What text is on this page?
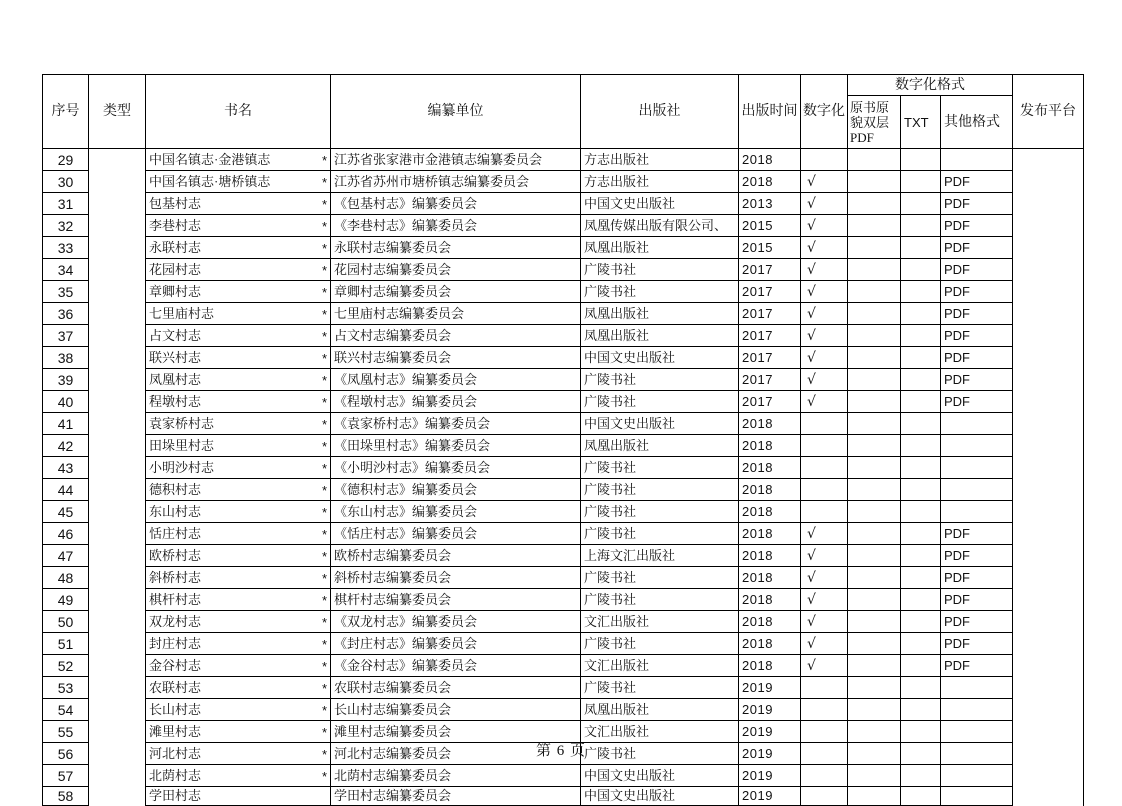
序号	类型	书名	编纂单位	出版社	出版时间	数字化	数字化格式			发布平台
							原书原貌双层PDF	TXT	其他格式	
29		中国名镇志·金港镇志 *	江苏省张家港市金港镇志编纂委员会	方志出版社	2018					
30		中国名镇志·塘桥镇志 *	江苏省苏州市塘桥镇志编纂委员会	方志出版社	2018	√			PDF	
31		包基村志 *	《包基村志》编纂委员会	中国文史出版社	2013	√			PDF	
32		李巷村志 *	《李巷村志》编纂委员会	凤凰传媒出版有限公司、	2015	√			PDF	
33		永联村志 *	永联村志编纂委员会	凤凰出版社	2015	√			PDF	
34		花园村志 *	花园村志编纂委员会	广陵书社	2017	√			PDF	
35		章卿村志 *	章卿村志编纂委员会	广陵书社	2017	√			PDF	
36		七里庙村志 *	七里庙村志编纂委员会	凤凰出版社	2017	√			PDF	
37		占文村志 *	占文村志编纂委员会	凤凰出版社	2017	√			PDF	
38		联兴村志 *	联兴村志编纂委员会	中国文史出版社	2017	√			PDF	
39		凤凰村志 *	《凤凰村志》编纂委员会	广陵书社	2017	√			PDF	
40		程墩村志 *	《程墩村志》编纂委员会	广陵书社	2017	√			PDF	
41		袁家桥村志 *	《袁家桥村志》编纂委员会	中国文史出版社	2018					
42		田垛里村志 *	《田垛里村志》编纂委员会	凤凰出版社	2018					
43		小明沙村志 *	《小明沙村志》编纂委员会	广陵书社	2018					
44		德积村志 *	《德积村志》编纂委员会	广陵书社	2018					
45		东山村志 *	《东山村志》编纂委员会	广陵书社	2018					
46		恬庄村志 *	《恬庄村志》编纂委员会	广陵书社	2018	√			PDF	
47		欧桥村志 *	欧桥村志编纂委员会	上海文汇出版社	2018	√			PDF	
48		斜桥村志 *	斜桥村志编纂委员会	广陵书社	2018	√			PDF	
49		棋杆村志 *	棋杆村志编纂委员会	广陵书社	2018	√			PDF	
50		双龙村志 *	《双龙村志》编纂委员会	文汇出版社	2018	√			PDF	
51		封庄村志 *	《封庄村志》编纂委员会	广陵书社	2018	√			PDF	
52		金谷村志 *	《金谷村志》编纂委员会	文汇出版社	2018	√			PDF	
53		农联村志 *	农联村志编纂委员会	广陵书社	2019					
54		长山村志 *	长山村志编纂委员会	凤凰出版社	2019					
55		滩里村志 *	滩里村志编纂委员会	文汇出版社	2019					
56		河北村志 *	河北村志编纂委员会	广陵书社	2019					
57		北荫村志 *	北荫村志编纂委员会	中国文史出版社	2019					
58		学田村志	学田村志编纂委员会	中国文史出版社	2019					
第 6 页
